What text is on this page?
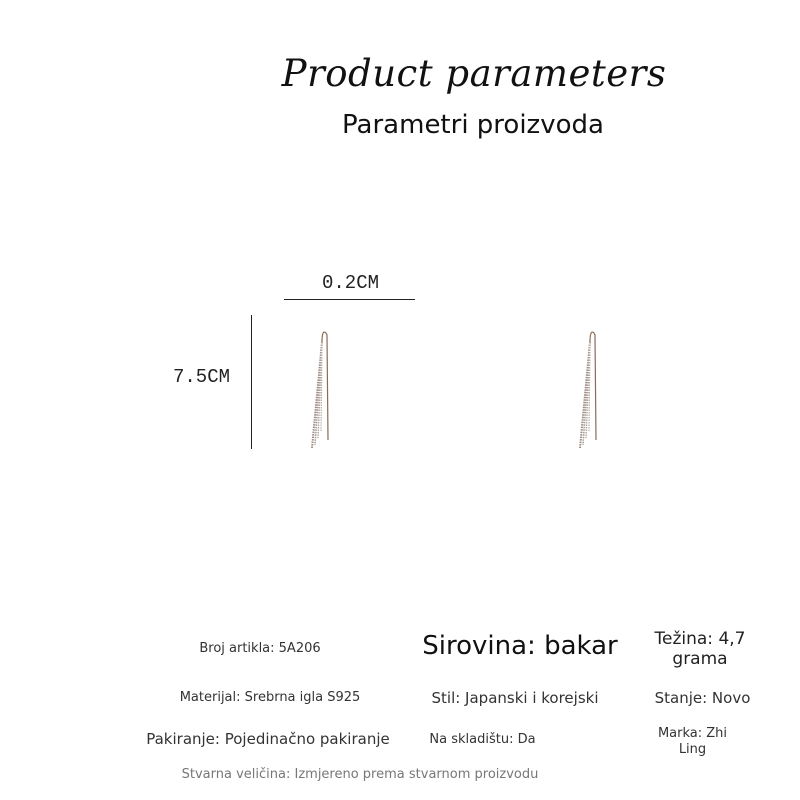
Product parameters
Parametri proizvoda
0.2CM
7.5CM
Broj artikla: 5A206	Sirovina: bakar	Težina: 4,7
grama
Materijal: Srebrna igla S925	Stil: Japanski i korejski	Stanje: Novo
Pakiranje: Pojedinačno pakiranje	Na skladištu: Da	Marka: Zhi
Ling
Stvarna veličina: Izmjereno prema stvarnom proizvodu
